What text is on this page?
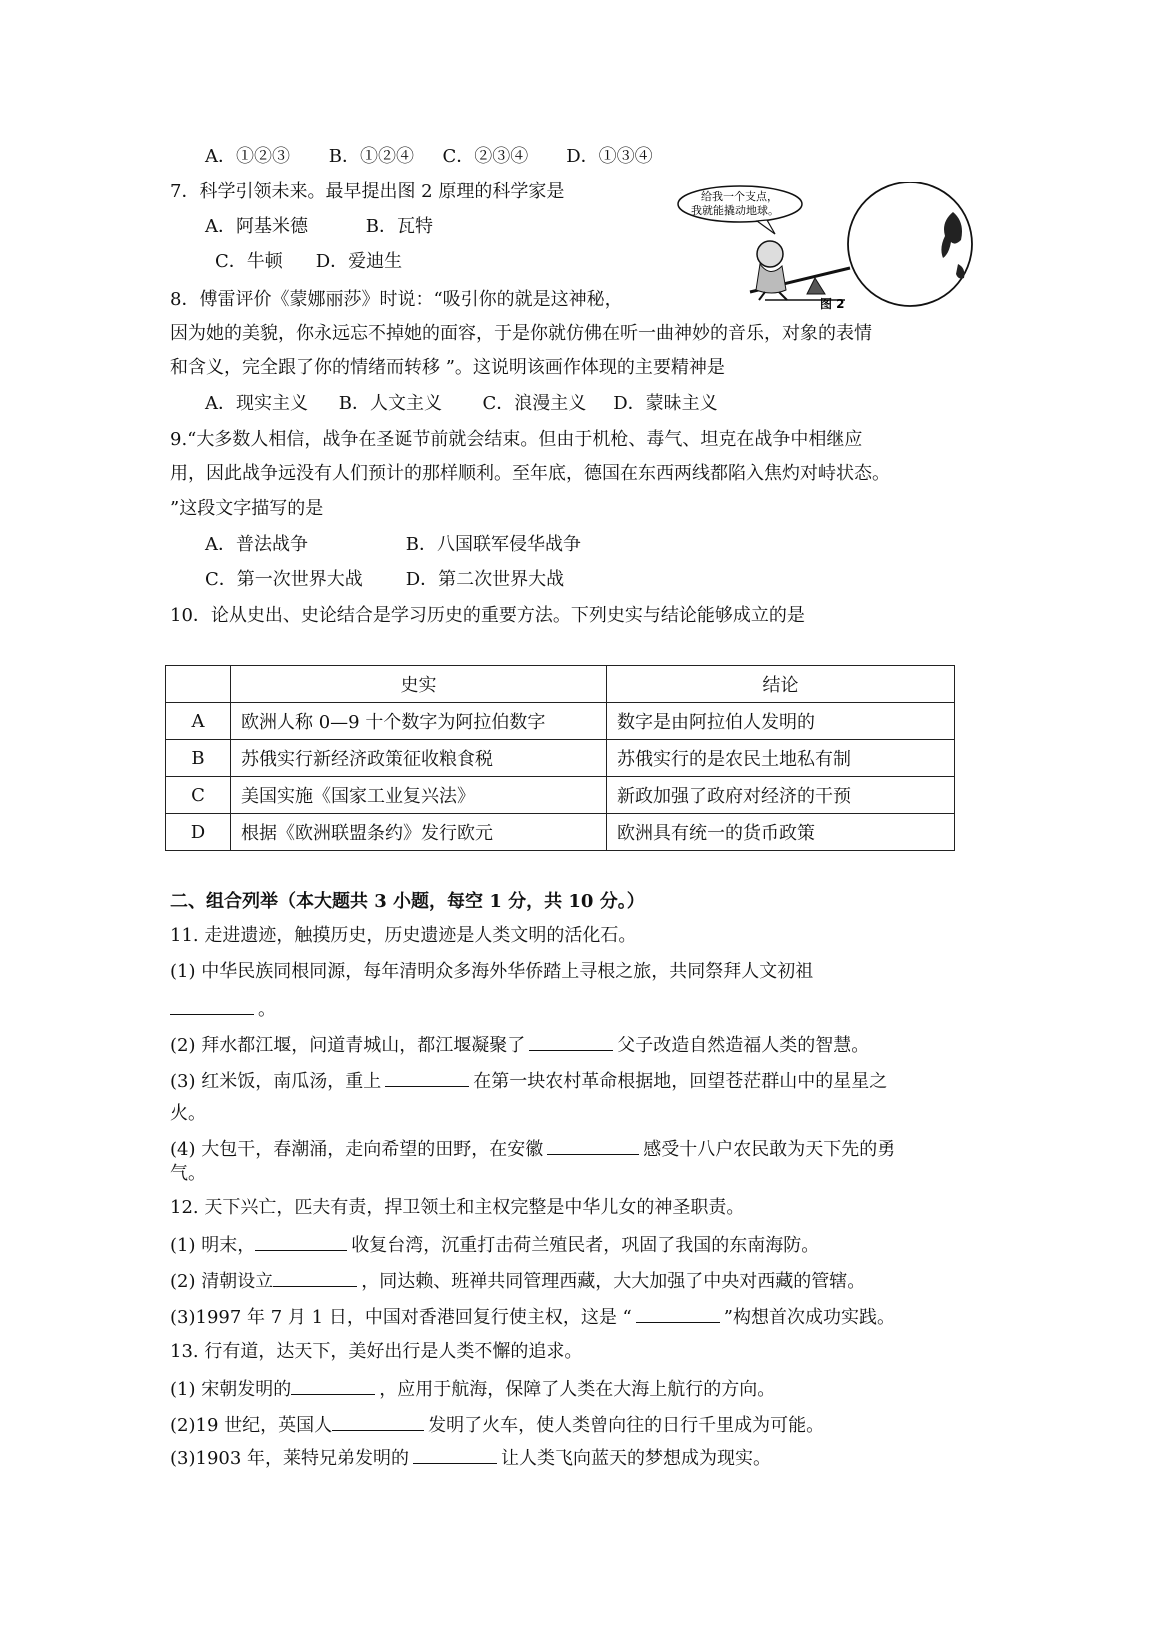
A．①②③ B．①②④ C．②③④ D．①③④
7．科学引领未来。最早提出图 2 原理的科学家是
A．阿基米德	B．瓦特
C．牛顿 D．爱迪生
给我一个支点，
我就能撬动地球。
图 2
8．傅雷评价《蒙娜丽莎》时说：“吸引你的就是这神秘，
因为她的美貌，你永远忘不掉她的面容，于是你就仿佛在听一曲神妙的音乐，对象的表情
和含义，完全跟了你的情绪而转移 ”。这说明该画作体现的主要精神是
A．现实主义 B．人文主义 C．浪漫主义 D．蒙昧主义
9.“大多数人相信，战争在圣诞节前就会结束。但由于机枪、毒气、坦克在战争中相继应
用，因此战争远没有人们预计的那样顺利。至年底，德国在东西两线都陷入焦灼对峙状态。
”这段文字描写的是
A．普法战争	B．八国联军侵华战争
C．第一次世界大战 D．第二次世界大战
10．论从史出、史论结合是学习历史的重要方法。下列史实与结论能够成立的是
	史实	结论
A	欧洲人称 0—9 十个数字为阿拉伯数字	数字是由阿拉伯人发明的
B	苏俄实行新经济政策征收粮食税	苏俄实行的是农民土地私有制
C	美国实施《国家工业复兴法》	新政加强了政府对经济的干预
D	根据《欧洲联盟条约》发行欧元	欧洲具有统一的货币政策
二、组合列举（本大题共 3 小题，每空 1 分，共 10 分。）
11. 走进遗迹，触摸历史，历史遗迹是人类文明的活化石。
(1) 中华民族同根同源，每年清明众多海外华侨踏上寻根之旅，共同祭拜人文初祖
。
(2) 拜水都江堰，问道青城山，都江堰凝聚了	父子改造自然造福人类的智慧。
(3) 红米饭，南瓜汤，重上	在第一块农村革命根据地，回望苍茫群山中的星星之
火。
(4) 大包干，春潮涌，走向希望的田野，在安徽	感受十八户农民敢为天下先的勇
气。
12. 天下兴亡，匹夫有责，捍卫领土和主权完整是中华儿女的神圣职责。
(1) 明末，	收复台湾，沉重打击荷兰殖民者，巩固了我国的东南海防。
(2) 清朝设立	，同达赖、班禅共同管理西藏，大大加强了中央对西藏的管辖。
(3)1997 年 7 月 1 日，中国对香港回复行使主权，这是 “	”构想首次成功实践。
13. 行有道，达天下，美好出行是人类不懈的追求。
(1) 宋朝发明的	，应用于航海，保障了人类在大海上航行的方向。
(2)19 世纪，英国人	发明了火车，使人类曾向往的日行千里成为可能。
(3)1903 年，莱特兄弟发明的	让人类飞向蓝天的梦想成为现实。
